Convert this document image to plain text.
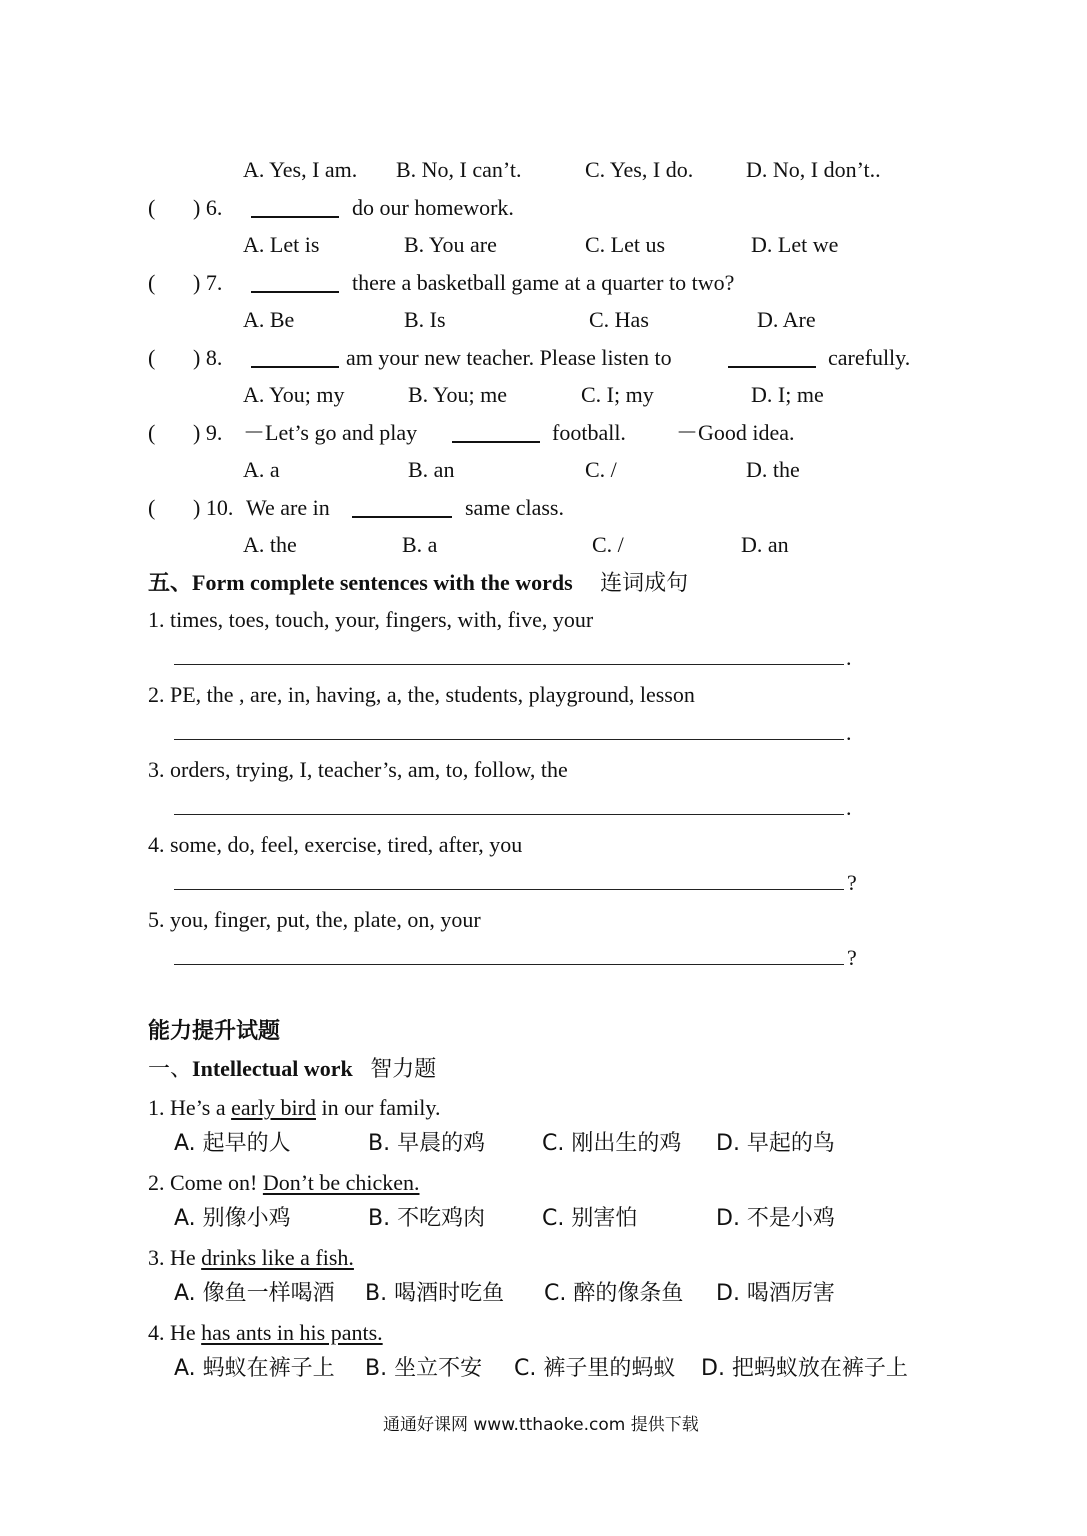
A. Yes, I am. B. No, I can’t.	C. Yes, I do. D. No, I don’t..
( ) 6.	do our homework.
A. Let is	B. You are	C. Let us	D. Let we
( ) 7.	there a basketball game at a quarter to two?
A. Be	B. Is	C. Has	D. Are
( ) 8.	am your new teacher. Please listen to	carefully.
A. You; my	B. You; me	C. I; my	D. I; me
( ) 9. －Let’s go and play	football. －Good idea.
A. a	B. an	C. /	D. the
( ) 10. We are in	same class.
A. the	B. a	C. /	D. an
五、Form complete sentences with the words 连词成句
1. times, toes, touch, your, fingers, with, five, your
.
2. PE, the , are, in, having, a, the, students, playground, lesson
.
3. orders, trying, I, teacher’s, am, to, follow, the
.
4. some, do, feel, exercise, tired, after, you
?
5. you, finger, put, the, plate, on, your
?
能力提升试题
一、Intellectual work 智力题
1. He’s a early bird in our family.
A. 起早的人	B. 早晨的鸡	C. 刚出生的鸡 D. 早起的鸟
2. Come on! Don’t be chicken.
A. 别像小鸡	B. 不吃鸡肉	C. 别害怕	D. 不是小鸡
3. He drinks like a fish.
A. 像鱼一样喝酒 B. 喝酒时吃鱼 C. 醉的像条鱼 D. 喝酒厉害
4. He has ants in his pants.
A. 蚂蚁在裤子上 B. 坐立不安 C. 裤子里的蚂蚁 D. 把蚂蚁放在裤子上
通通好课网 www.tthaoke.com 提供下载
